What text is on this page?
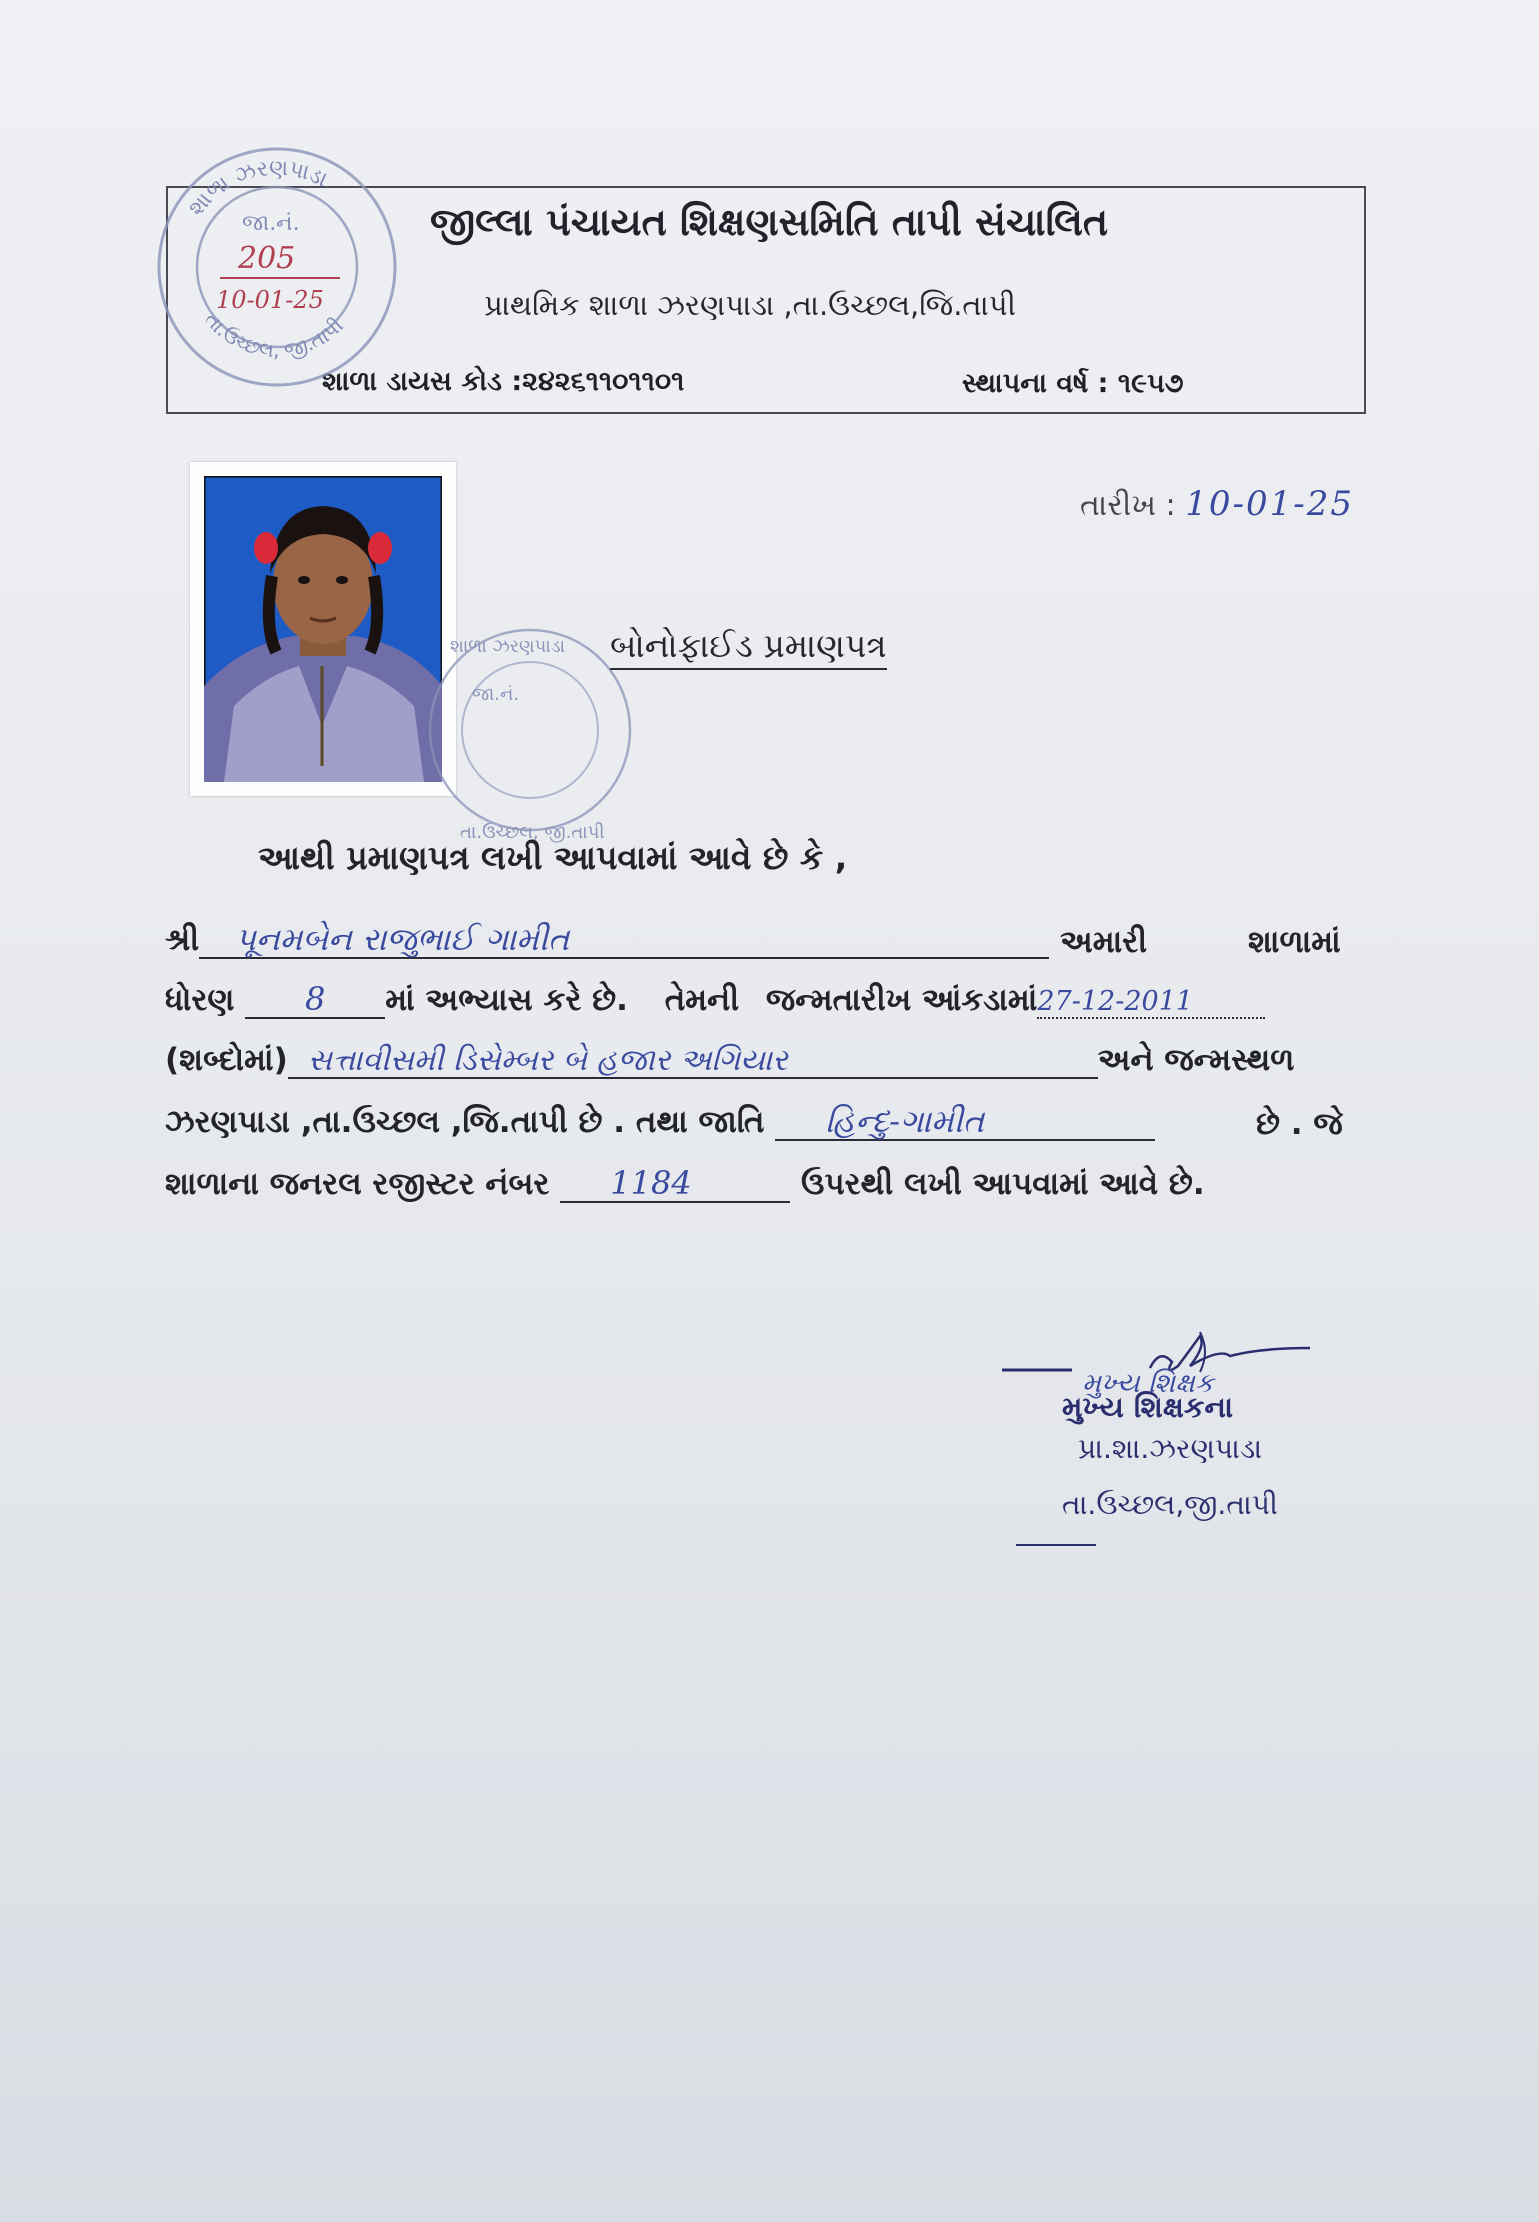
જીલ્લા પંચાયત શિક્ષણસમિતિ તાપી સંચાલિત
પ્રાથમિક શાળા ઝરણપાડા ,તા.ઉચ્છલ,જિ.તાપી
શાળા ડાયસ કોડ :૨૪૨૬૧૧૦૧૧૦૧	સ્થાપના વર્ષ : ૧૯૫૭
શાળા ઝરણપાડા
તા.ઉચ્છલ, જી.તાપી
જા.નં.
205
10-01-25
શાળા ઝરણપાડા
જા.નં.
તા.ઉચ્છલ, જી.તાપી
તારીખ : 10-01-25
બોનોફાઈડ પ્રમાણપત્ર
આથી પ્રમાણપત્ર લખી આપવામાં આવે છે કે ,
શ્રી પૂનમબેન રાજુભાઈ ગામીત	અમારી	શાળામાં
ધોરણ 8 માં અભ્યાસ કરે છે. તેમની જન્મતારીખ આંકડામાં27-12-2011
(શબ્દોમાં) સત્તાવીસમી ડિસેમ્બર બે હજાર અગિયાર	અને જન્મસ્થળ
ઝરણપાડા ,તા.ઉચ્છલ ,જિ.તાપી છે . તથા જાતિ હિન્દુ-ગામીત	છે . જે
શાળાના જનરલ રજીસ્ટર નંબર 1184	ઉપરથી લખી આપવામાં આવે છે.
મુખ્ય શિક્ષક
મુખ્ય શિક્ષકના
પ્રા.શા.ઝરણપાડા
તા.ઉચ્છલ,જી.તાપી
